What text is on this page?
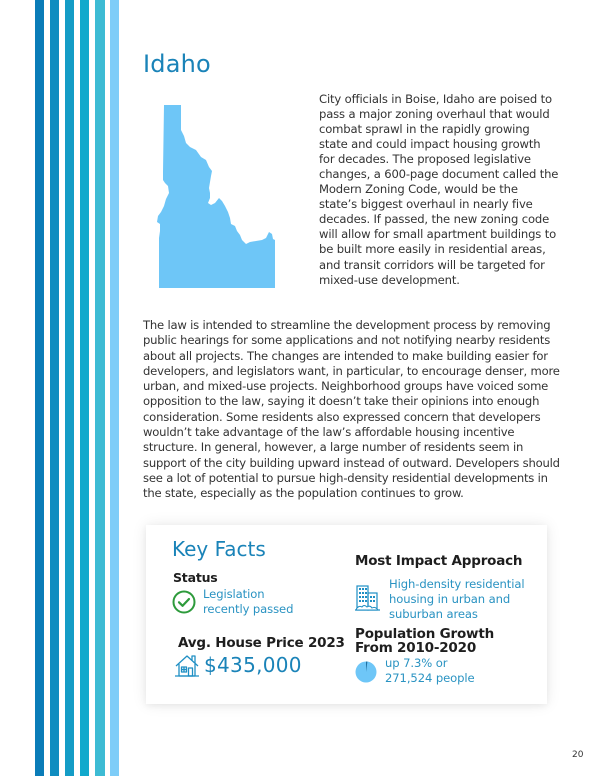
Idaho

City officials in Boise, Idaho are poised to pass a major zoning overhaul that would combat sprawl in the rapidly growing state and could impact housing growth for decades. The proposed legislative changes, a 600-page document called the Modern Zoning Code, would be the state’s biggest overhaul in nearly five decades. If passed, the new zoning code will allow for small apartment buildings to be built more easily in residential areas, and transit corridors will be targeted for mixed-use development.

The law is intended to streamline the development process by removing public hearings for some applications and not notifying nearby residents about all projects. The changes are intended to make building easier for developers, and legislators want, in particular, to encourage denser, more urban, and mixed-use projects. Neighborhood groups have voiced some opposition to the law, saying it doesn’t take their opinions into enough consideration. Some residents also expressed concern that developers wouldn’t take advantage of the law’s affordable housing incentive structure. In general, however, a large number of residents seem in support of the city building upward instead of outward. Developers should see a lot of potential to pursue high-density residential developments in the state, especially as the population continues to grow.

Key Facts
Status
Legislation
recently passed
Most Impact Approach
High-density residential
housing in urban and
suburban areas
Avg. House Price 2023
$435,000
Population Growth
From 2010-2020
up 7.3% or
271,524 people
20
